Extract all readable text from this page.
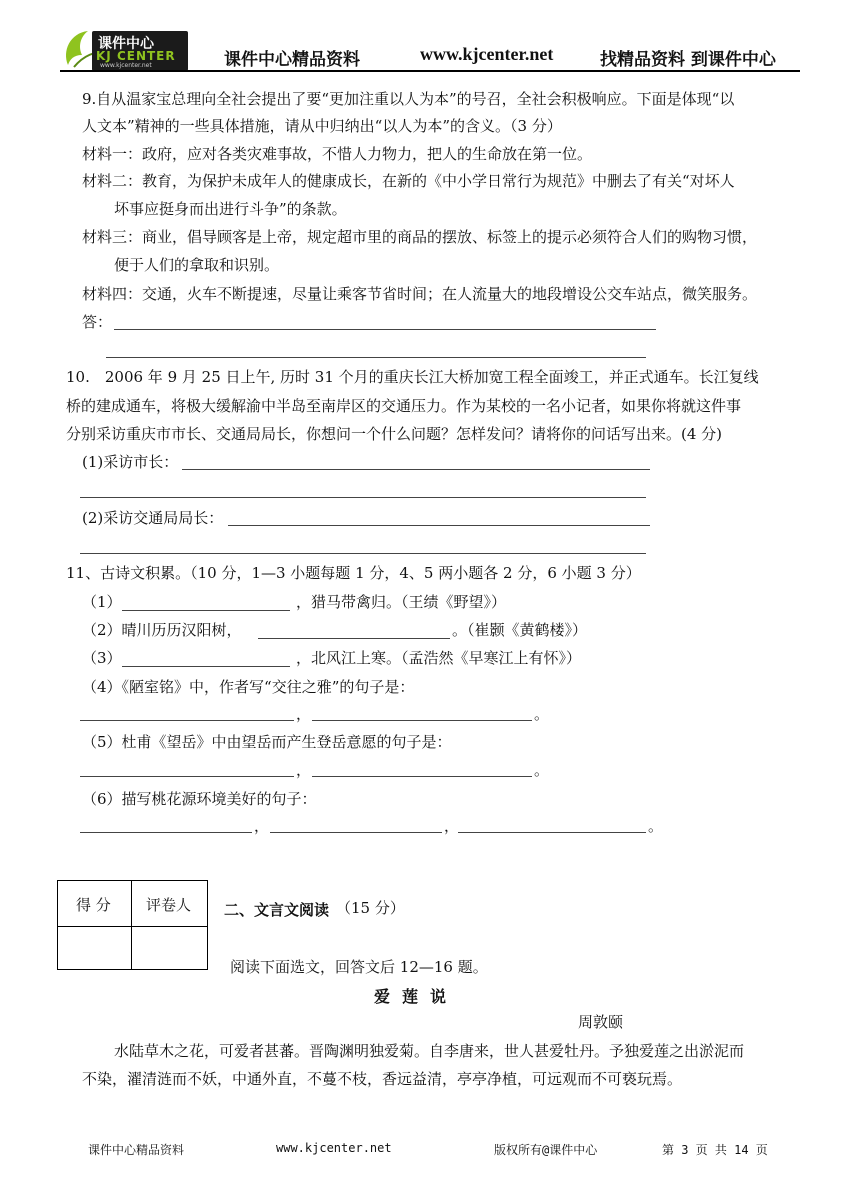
课件中心
KJ CENTER
www.kjcenter.net	课件中心精品资料	www.kjcenter.net	找精品资料 到课件中心
9.自从温家宝总理向全社会提出了要“更加注重以人为本”的号召，全社会积极响应。下面是体现“以
人文本”精神的一些具体措施，请从中归纳出“以人为本”的含义。（3 分）
材料一：政府，应对各类灾难事故，不惜人力物力，把人的生命放在第一位。
材料二：教育，为保护未成年人的健康成长，在新的《中小学日常行为规范》中删去了有关“对坏人
坏事应挺身而出进行斗争”的条款。
材料三：商业，倡导顾客是上帝，规定超市里的商品的摆放、标签上的提示必须符合人们的购物习惯，
便于人们的拿取和识别。
材料四：交通，火车不断提速，尽量让乘客节省时间；在人流量大的地段增设公交车站点，微笑服务。
答：
10.　2006 年 9 月 25 日上午, 历时 31 个月的重庆长江大桥加宽工程全面竣工，并正式通车。长江复线
桥的建成通车，将极大缓解渝中半岛至南岸区的交通压力。作为某校的一名小记者，如果你将就这件事
分别采访重庆市市长、交通局局长，你想问一个什么问题？怎样发问？请将你的问话写出来。(4 分)
(1)采访市长：
(2)采访交通局局长：
11、古诗文积累。（10 分，1—3 小题每题 1 分，4、5 两小题各 2 分，6 小题 3 分）
（1）	，猎马带禽归。（王绩《野望》）
（2）晴川历历汉阳树，	。（崔颢《黄鹤楼》）
（3）	，北风江上寒。（孟浩然《早寒江上有怀》）
（4）《陋室铭》中，作者写“交往之雅”的句子是：
，	。
（5）杜甫《望岳》中由望岳而产生登岳意愿的句子是：
，	。
（6）描写桃花源环境美好的句子：
，	，	。
得 分 评卷人 二、文言文阅读 （15 分）
阅读下面选文，回答文后 12—16 题。
爱莲说
周敦颐
水陆草木之花，可爱者甚蕃。晋陶渊明独爱菊。自李唐来，世人甚爱牡丹。予独爱莲之出淤泥而
不染，濯清涟而不妖，中通外直，不蔓不枝，香远益清，亭亭净植，可远观而不可亵玩焉。
课件中心精品资料	www.kjcenter.net	版权所有@课件中心	第 3 页 共 14 页
